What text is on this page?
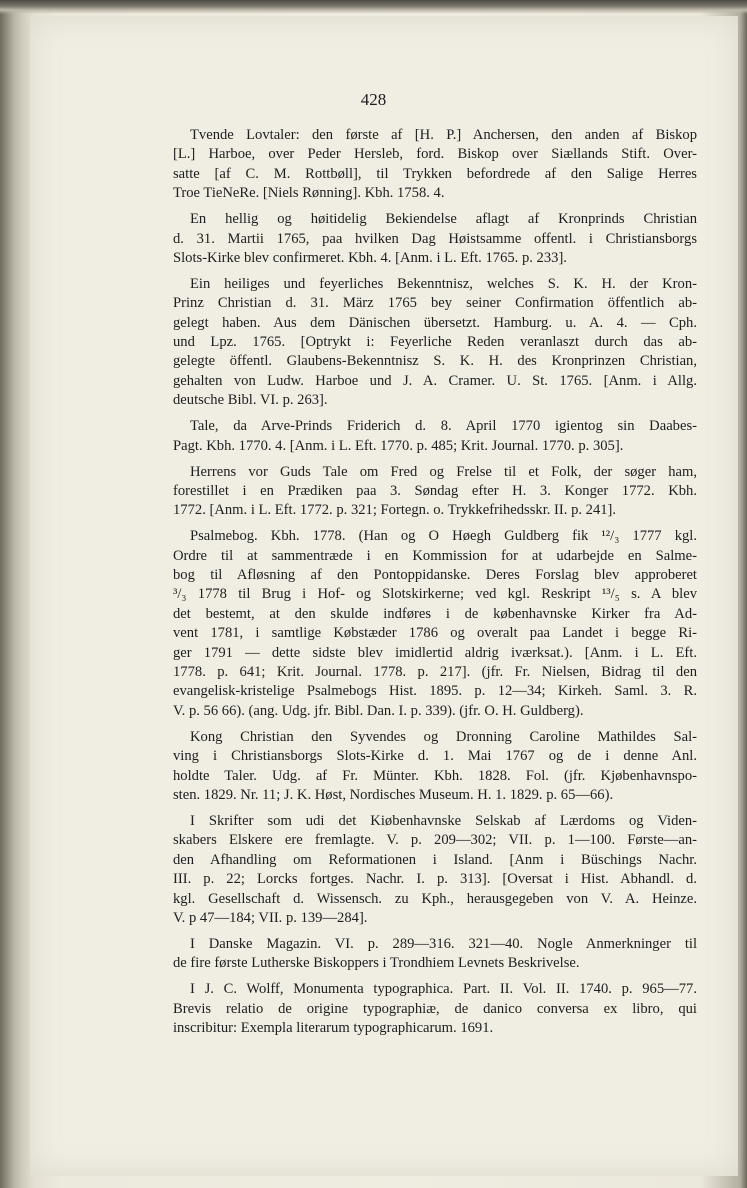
428
Tvende Lovtaler: den første af [H. P.] Anchersen, den anden af Biskop
[L.] Harboe, over Peder Hersleb, ford. Biskop over Siællands Stift. Over-
satte [af C. M. Rottbøll], til Trykken befordrede af den Salige Herres
Troe TieNeRe. [Niels Rønning]. Kbh. 1758. 4.
En hellig og høitidelig Bekiendelse aflagt af Kronprinds Christian
d. 31. Martii 1765, paa hvilken Dag Høistsamme offentl. i Christiansborgs
Slots-Kirke blev confirmeret. Kbh. 4. [Anm. i L. Eft. 1765. p. 233].
Ein heiliges und feyerliches Bekenntnisz, welches S. K. H. der Kron-
Prinz Christian d. 31. März 1765 bey seiner Confirmation öffentlich ab-
gelegt haben. Aus dem Dänischen übersetzt. Hamburg. u. A. 4. — Cph.
und Lpz. 1765. [Optrykt i: Feyerliche Reden veranlaszt durch das ab-
gelegte öffentl. Glaubens-Bekenntnisz S. K. H. des Kronprinzen Christian,
gehalten von Ludw. Harboe und J. A. Cramer. U. St. 1765. [Anm. i Allg.
deutsche Bibl. VI. p. 263].
Tale, da Arve-Prinds Friderich d. 8. April 1770 igientog sin Daabes-
Pagt. Kbh. 1770. 4. [Anm. i L. Eft. 1770. p. 485; Krit. Journal. 1770. p. 305].
Herrens vor Guds Tale om Fred og Frelse til et Folk, der søger ham,
forestillet i en Prædiken paa 3. Søndag efter H. 3. Konger 1772. Kbh.
1772. [Anm. i L. Eft. 1772. p. 321; Fortegn. o. Trykkefrihedsskr. II. p. 241].
Psalmebog. Kbh. 1778. (Han og O Høegh Guldberg fik ¹²/₃ 1777 kgl.
Ordre til at sammentræde i en Kommission for at udarbejde en Salme-
bog til Afløsning af den Pontoppidanske. Deres Forslag blev approberet
³/₃ 1778 til Brug i Hof- og Slotskirkerne; ved kgl. Reskript ¹³/₅ s. A blev
det bestemt, at den skulde indføres i de københavnske Kirker fra Ad-
vent 1781, i samtlige Købstæder 1786 og overalt paa Landet i begge Ri-
ger 1791 — dette sidste blev imidlertid aldrig iværksat.). [Anm. i L. Eft.
1778. p. 641; Krit. Journal. 1778. p. 217]. (jfr. Fr. Nielsen, Bidrag til den
evangelisk-kristelige Psalmebogs Hist. 1895. p. 12—34; Kirkeh. Saml. 3. R.
V. p. 56 66). (ang. Udg. jfr. Bibl. Dan. I. p. 339). (jfr. O. H. Guldberg).
Kong Christian den Syvendes og Dronning Caroline Mathildes Sal-
ving i Christiansborgs Slots-Kirke d. 1. Mai 1767 og de i denne Anl.
holdte Taler. Udg. af Fr. Münter. Kbh. 1828. Fol. (jfr. Kjøbenhavnspo-
sten. 1829. Nr. 11; J. K. Høst, Nordisches Museum. H. 1. 1829. p. 65—66).
I Skrifter som udi det Kiøbenhavnske Selskab af Lærdoms og Viden-
skabers Elskere ere fremlagte. V. p. 209—302; VII. p. 1—100. Første—an-
den Afhandling om Reformationen i Island. [Anm i Büschings Nachr.
III. p. 22; Lorcks fortges. Nachr. I. p. 313]. [Oversat i Hist. Abhandl. d.
kgl. Gesellschaft d. Wissensch. zu Kph., herausgegeben von V. A. Heinze.
V. p 47—184; VII. p. 139—284].
I Danske Magazin. VI. p. 289—316. 321—40. Nogle Anmerkninger til
de fire første Lutherske Biskoppers i Trondhiem Levnets Beskrivelse.
I J. C. Wolff, Monumenta typographica. Part. II. Vol. II. 1740. p. 965—77.
Brevis relatio de origine typographiæ, de danico conversa ex libro, qui
inscribitur: Exempla literarum typographicarum. 1691.
